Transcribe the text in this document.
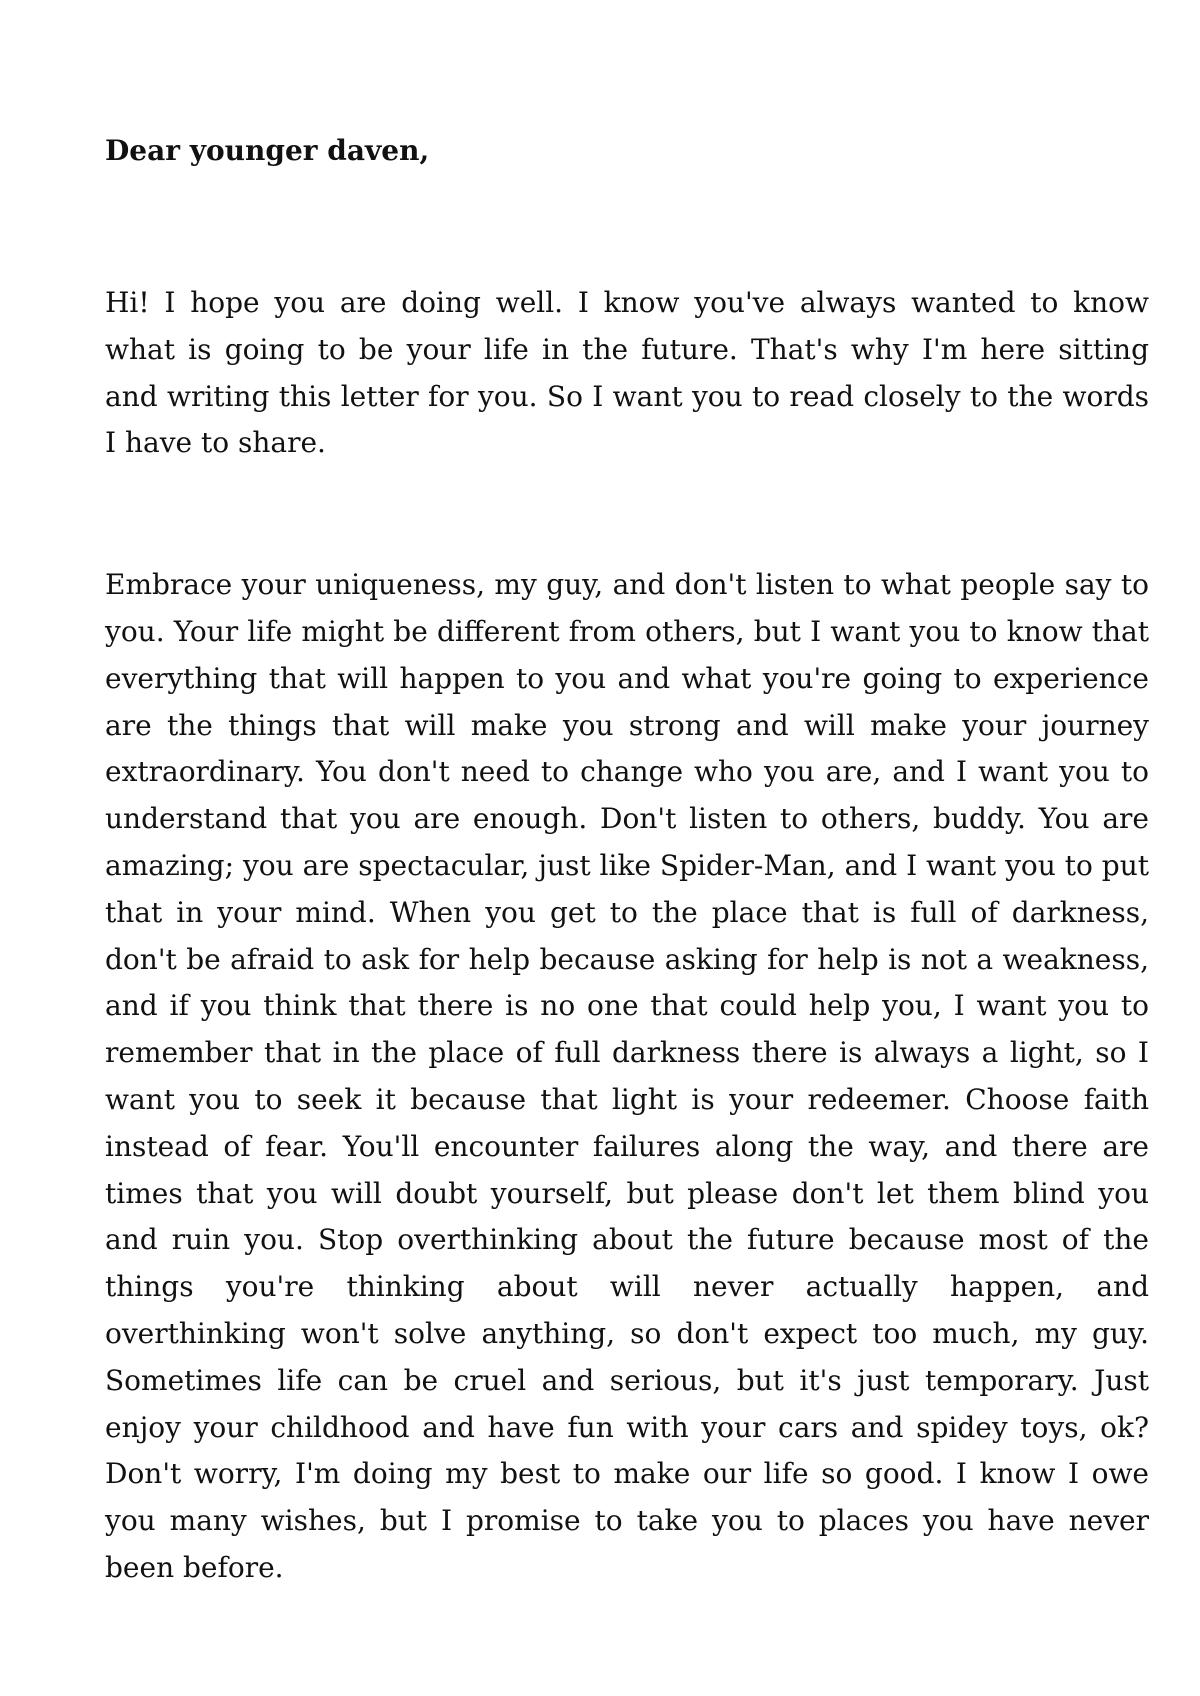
Dear younger daven,

Hi! I hope you are doing well. I know you've always wanted to know what is going to be your life in the future. That's why I'm here sitting and writing this letter for you. So I want you to read closely to the words I have to share.

Embrace your uniqueness, my guy, and don't listen to what people say to you. Your life might be different from others, but I want you to know that everything that will happen to you and what you're going to experience are the things that will make you strong and will make your journey extraordinary. You don't need to change who you are, and I want you to understand that you are enough. Don't listen to others, buddy. You are amazing; you are spectacular, just like Spider-Man, and I want you to put that in your mind. When you get to the place that is full of darkness, don't be afraid to ask for help because asking for help is not a weakness, and if you think that there is no one that could help you, I want you to remember that in the place of full darkness there is always a light, so I want you to seek it because that light is your redeemer. Choose faith instead of fear. You'll encounter failures along the way, and there are times that you will doubt yourself, but please don't let them blind you and ruin you. Stop overthinking about the future because most of the things you're thinking about will never actually happen, and overthinking won't solve anything, so don't expect too much, my guy. Sometimes life can be cruel and serious, but it's just temporary. Just enjoy your childhood and have fun with your cars and spidey toys, ok? Don't worry, I'm doing my best to make our life so good. I know I owe you many wishes, but I promise to take you to places you have never been before.
